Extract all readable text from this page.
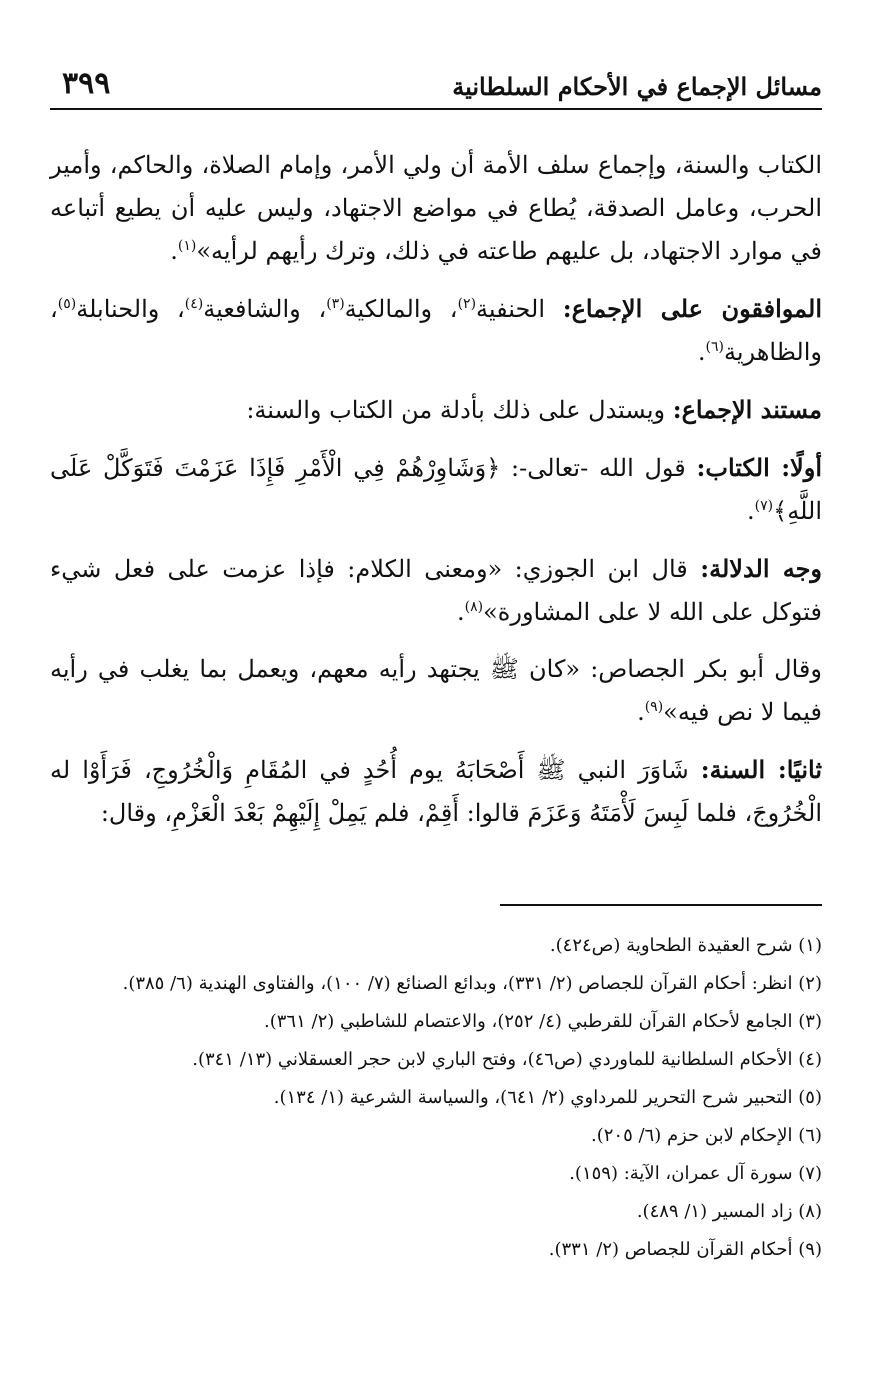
مسائل الإجماع في الأحكام السلطانية
٣٩٩

الكتاب والسنة، وإجماع سلف الأمة أن ولي الأمر، وإمام الصلاة، والحاكم، وأمير الحرب، وعامل الصدقة، يُطاع في مواضع الاجتهاد، وليس عليه أن يطيع أتباعه في موارد الاجتهاد، بل عليهم طاعته في ذلك، وترك رأيهم لرأيه»$^{(١)}$.

الموافقون على الإجماع: الحنفية$^{(٢)}$، والمالكية$^{(٣)}$، والشافعية$^{(٤)}$، والحنابلة$^{(٥)}$، والظاهرية$^{(٦)}$.

مستند الإجماع: ويستدل على ذلك بأدلة من الكتاب والسنة:

أولًا: الكتاب: قول الله -تعالى-: ﴿وَشَاوِرْهُمْ فِي الْأَمْرِ فَإِذَا عَزَمْتَ فَتَوَكَّلْ عَلَى اللَّهِ﴾$^{(٧)}$.

وجه الدلالة: قال ابن الجوزي: «ومعنى الكلام: فإذا عزمت على فعل شيء فتوكل على الله لا على المشاورة»$^{(٨)}$.

وقال أبو بكر الجصاص: «كان ﷺ يجتهد رأيه معهم، ويعمل بما يغلب في رأيه فيما لا نص فيه»$^{(٩)}$.

ثانيًا: السنة: شَاوَرَ النبي ﷺ أَصْحَابَهُ يوم أُحُدٍ في المُقَامِ وَالْخُرُوجِ، فَرَأَوْا له الْخُرُوجَ، فلما لَبِسَ لَأْمَتَهُ وَعَزَمَ قالوا: أَقِمْ، فلم يَمِلْ إِلَيْهِمْ بَعْدَ الْعَزْمِ، وقال:

(١) شرح العقيدة الطحاوية (ص٤٢٤).
(٢) انظر: أحكام القرآن للجصاص (٢/ ٣٣١)، وبدائع الصنائع (٧/ ١٠٠)، والفتاوى الهندية (٦/ ٣٨٥).
(٣) الجامع لأحكام القرآن للقرطبي (٤/ ٢٥٢)، والاعتصام للشاطبي (٢/ ٣٦١).
(٤) الأحكام السلطانية للماوردي (ص٤٦)، وفتح الباري لابن حجر العسقلاني (١٣/ ٣٤١).
(٥) التحبير شرح التحرير للمرداوي (٢/ ٦٤١)، والسياسة الشرعية (١/ ١٣٤).
(٦) الإحكام لابن حزم (٦/ ٢٠٥).
(٧) سورة آل عمران، الآية: (١٥٩).
(٨) زاد المسير (١/ ٤٨٩).
(٩) أحكام القرآن للجصاص (٢/ ٣٣١).
